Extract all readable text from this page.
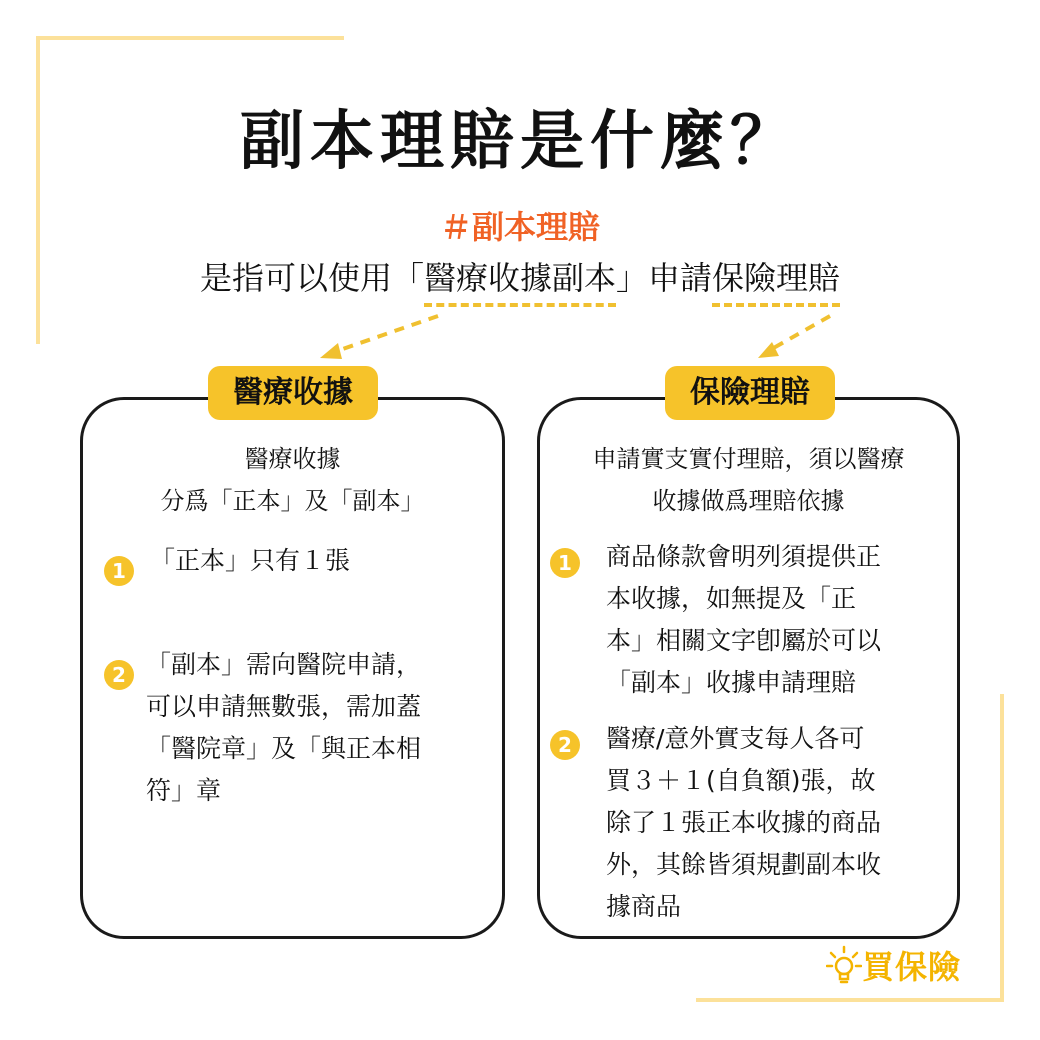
副本理賠是什麼？
＃副本理賠
是指可以使用「醫療收據副本」申請保險理賠
醫療收據
醫療收據
分爲「正本」及「副本」
1 「正本」只有１張
2 「副本」需向醫院申請，
可以申請無數張，需加蓋
「醫院章」及「與正本相
符」章
保險理賠
申請實支實付理賠，須以醫療
收據做爲理賠依據
1	商品條款會明列須提供正
本收據，如無提及「正
本」相關文字卽屬於可以
「副本」收據申請理賠
2	醫療/意外實支每人各可
買３＋１(自負額)張，故
除了１張正本收據的商品
外，其餘皆須規劃副本收
據商品
買保險
